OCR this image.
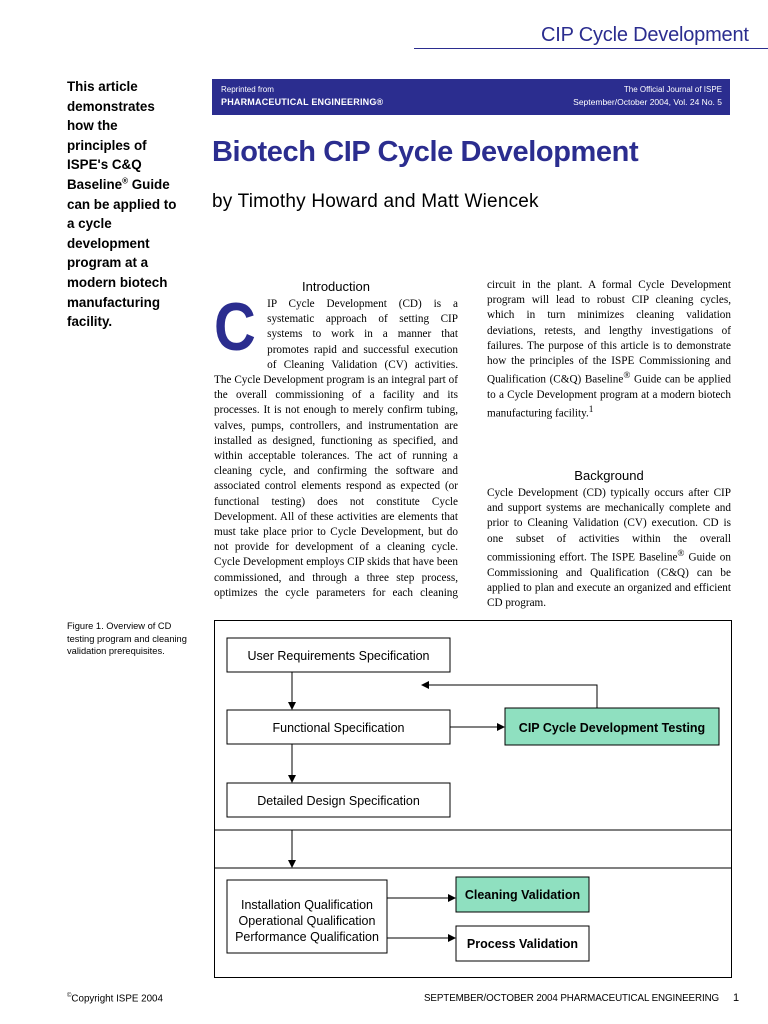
CIP Cycle Development
This article demonstrates how the principles of ISPE's C&Q Baseline® Guide can be applied to a cycle development program at a modern biotech manufacturing facility.
Reprinted from
PHARMACEUTICAL ENGINEERING®
The Official Journal of ISPE
September/October 2004, Vol. 24 No. 5
Biotech CIP Cycle Development
by Timothy Howard and Matt Wiencek
Background

Cycle Development (CD) typically occurs after CIP and support systems are mechanically complete and prior to Cleaning Validation (CV) execution. CD is one subset of activities within the overall commissioning effort. The ISPE Baseline® Guide on Commissioning and Qualification (C&Q) can be applied to plan and execute an organized and efficient CD program.

Figure 1. Overview of CD testing program and cleaning validation prerequisites.	User Requirements Specification
Functional Specification	CIP Cycle Development Testing
Detailed Design Specification
Installation Qualification
Operational Qualification
Performance Qualification
Cleaning Validation
Process Validation
©Copyright ISPE 2004	SEPTEMBER/OCTOBER 2004 PHARMACEUTICAL ENGINEERING 1
Introduction
C IP Cycle Development (CD) is a systematic approach of setting CIP systems to work in a manner that promotes rapid and successful execution of Cleaning Validation (CV) activities. The Cycle Development program is an integral part of the overall commissioning of a facility and its processes. It is not enough to merely confirm tubing, valves, pumps, controllers, and instrumentation are installed as designed, functioning as specified, and within acceptable tolerances. The act of running a cleaning cycle, and confirming the software and associated control elements respond as expected (or functional testing) does not constitute Cycle Development. All of these activities are elements that must take place prior to Cycle Development, but do not provide for development of a cleaning cycle. Cycle Development employs CIP skids that have been commissioned, and through a three step process, optimizes the cycle parameters for each cleaning circuit in the plant. A formal Cycle Development program will lead to robust CIP cleaning cycles, which in turn minimizes cleaning validation deviations, retests, and lengthy investigations of failures. The purpose of this article is to demonstrate how the principles of the ISPE Commissioning and Qualification (C&Q) Baseline® Guide can be applied to a Cycle Development program at a modern biotech manufacturing facility.$^1$
